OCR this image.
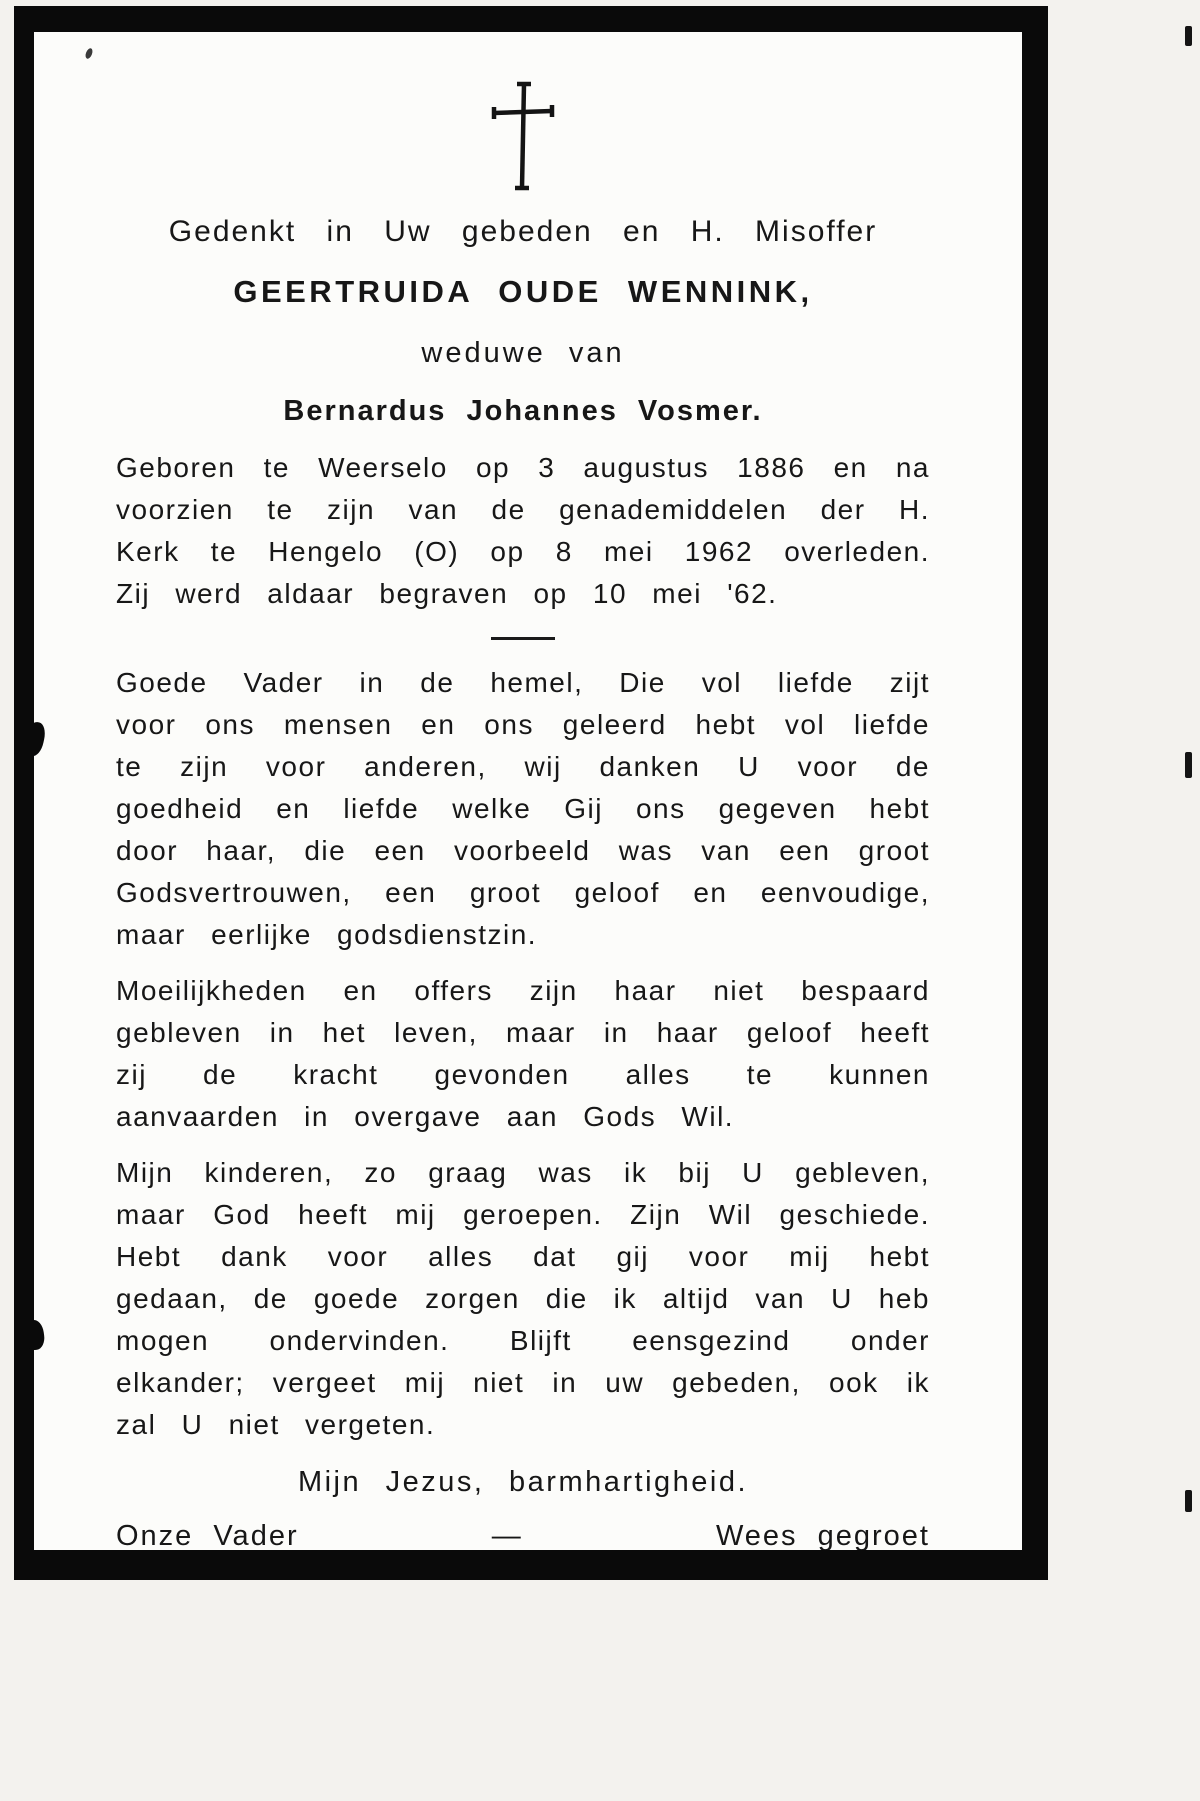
Gedenkt in Uw gebeden en H. Misoffer
GEERTRUIDA OUDE WENNINK,
weduwe van
Bernardus Johannes Vosmer.

Geboren te Weerselo op 3 augustus 1886 en na voorzien te zijn van de genademiddelen der H. Kerk te Hengelo (O) op 8 mei 1962 overleden. Zij werd aldaar begraven op 10 mei '62.

Goede Vader in de hemel, Die vol liefde zijt voor ons mensen en ons geleerd hebt vol liefde te zijn voor anderen, wij danken U voor de goedheid en liefde welke Gij ons gegeven hebt door haar, die een voorbeeld was van een groot Godsvertrouwen, een groot geloof en eenvoudige, maar eerlijke godsdienstzin.

Moeilijkheden en offers zijn haar niet bespaard gebleven in het leven, maar in haar geloof heeft zij de kracht gevonden alles te kunnen aanvaarden in overgave aan Gods Wil.

Mijn kinderen, zo graag was ik bij U gebleven, maar God heeft mij geroepen. Zijn Wil geschiede. Hebt dank voor alles dat gij voor mij hebt gedaan, de goede zorgen die ik altijd van U heb mogen ondervinden. Blijft eensgezind onder elkander; vergeet mij niet in uw gebeden, ook ik zal U niet vergeten.

Mijn Jezus, barmhartigheid.
Onze Vader	—	Wees gegroet
